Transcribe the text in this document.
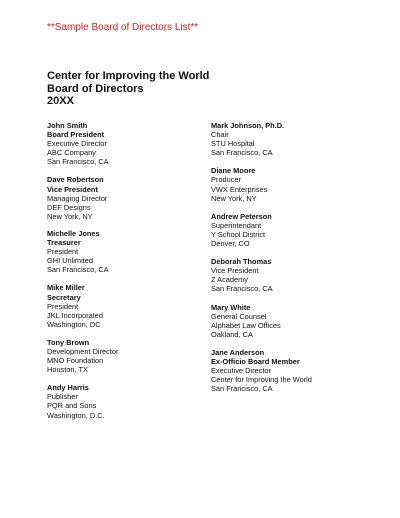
**Sample Board of Directors List**
Center for Improving the World
Board of Directors
20XX
John Smith
Board President
Executive Director
ABC Company
San Francisco, CA
Dave Robertson
Vice President
Managing Director
DEF Designs
New York, NY
Michelle Jones
Treasurer
President
GHI Unlimited
San Francisco, CA
Mike Miller
Secretary
President
JKL Incorporated
Washington, DC
Tony Brown
Development Director
MNO Foundation
Houston, TX
Andy Harris
Publisher
PQR and Sons
Washington, D.C.
Mark Johnson, Ph.D.
Chair
STU Hospital
San Francisco, CA
Diane Moore
Producer
VWX Enterprises
New York, NY
Andrew Peterson
Superintendant
Y School District
Denver, CO
Deborah Thomas
Vice President
Z Academy
San Francisco, CA
Mary White
General Counsel
Alphabet Law Offices
Oakland, CA
Jane Anderson
Ex-Officio Board Member
Executive Director
Center for Improving the World
San Francisco, CA
